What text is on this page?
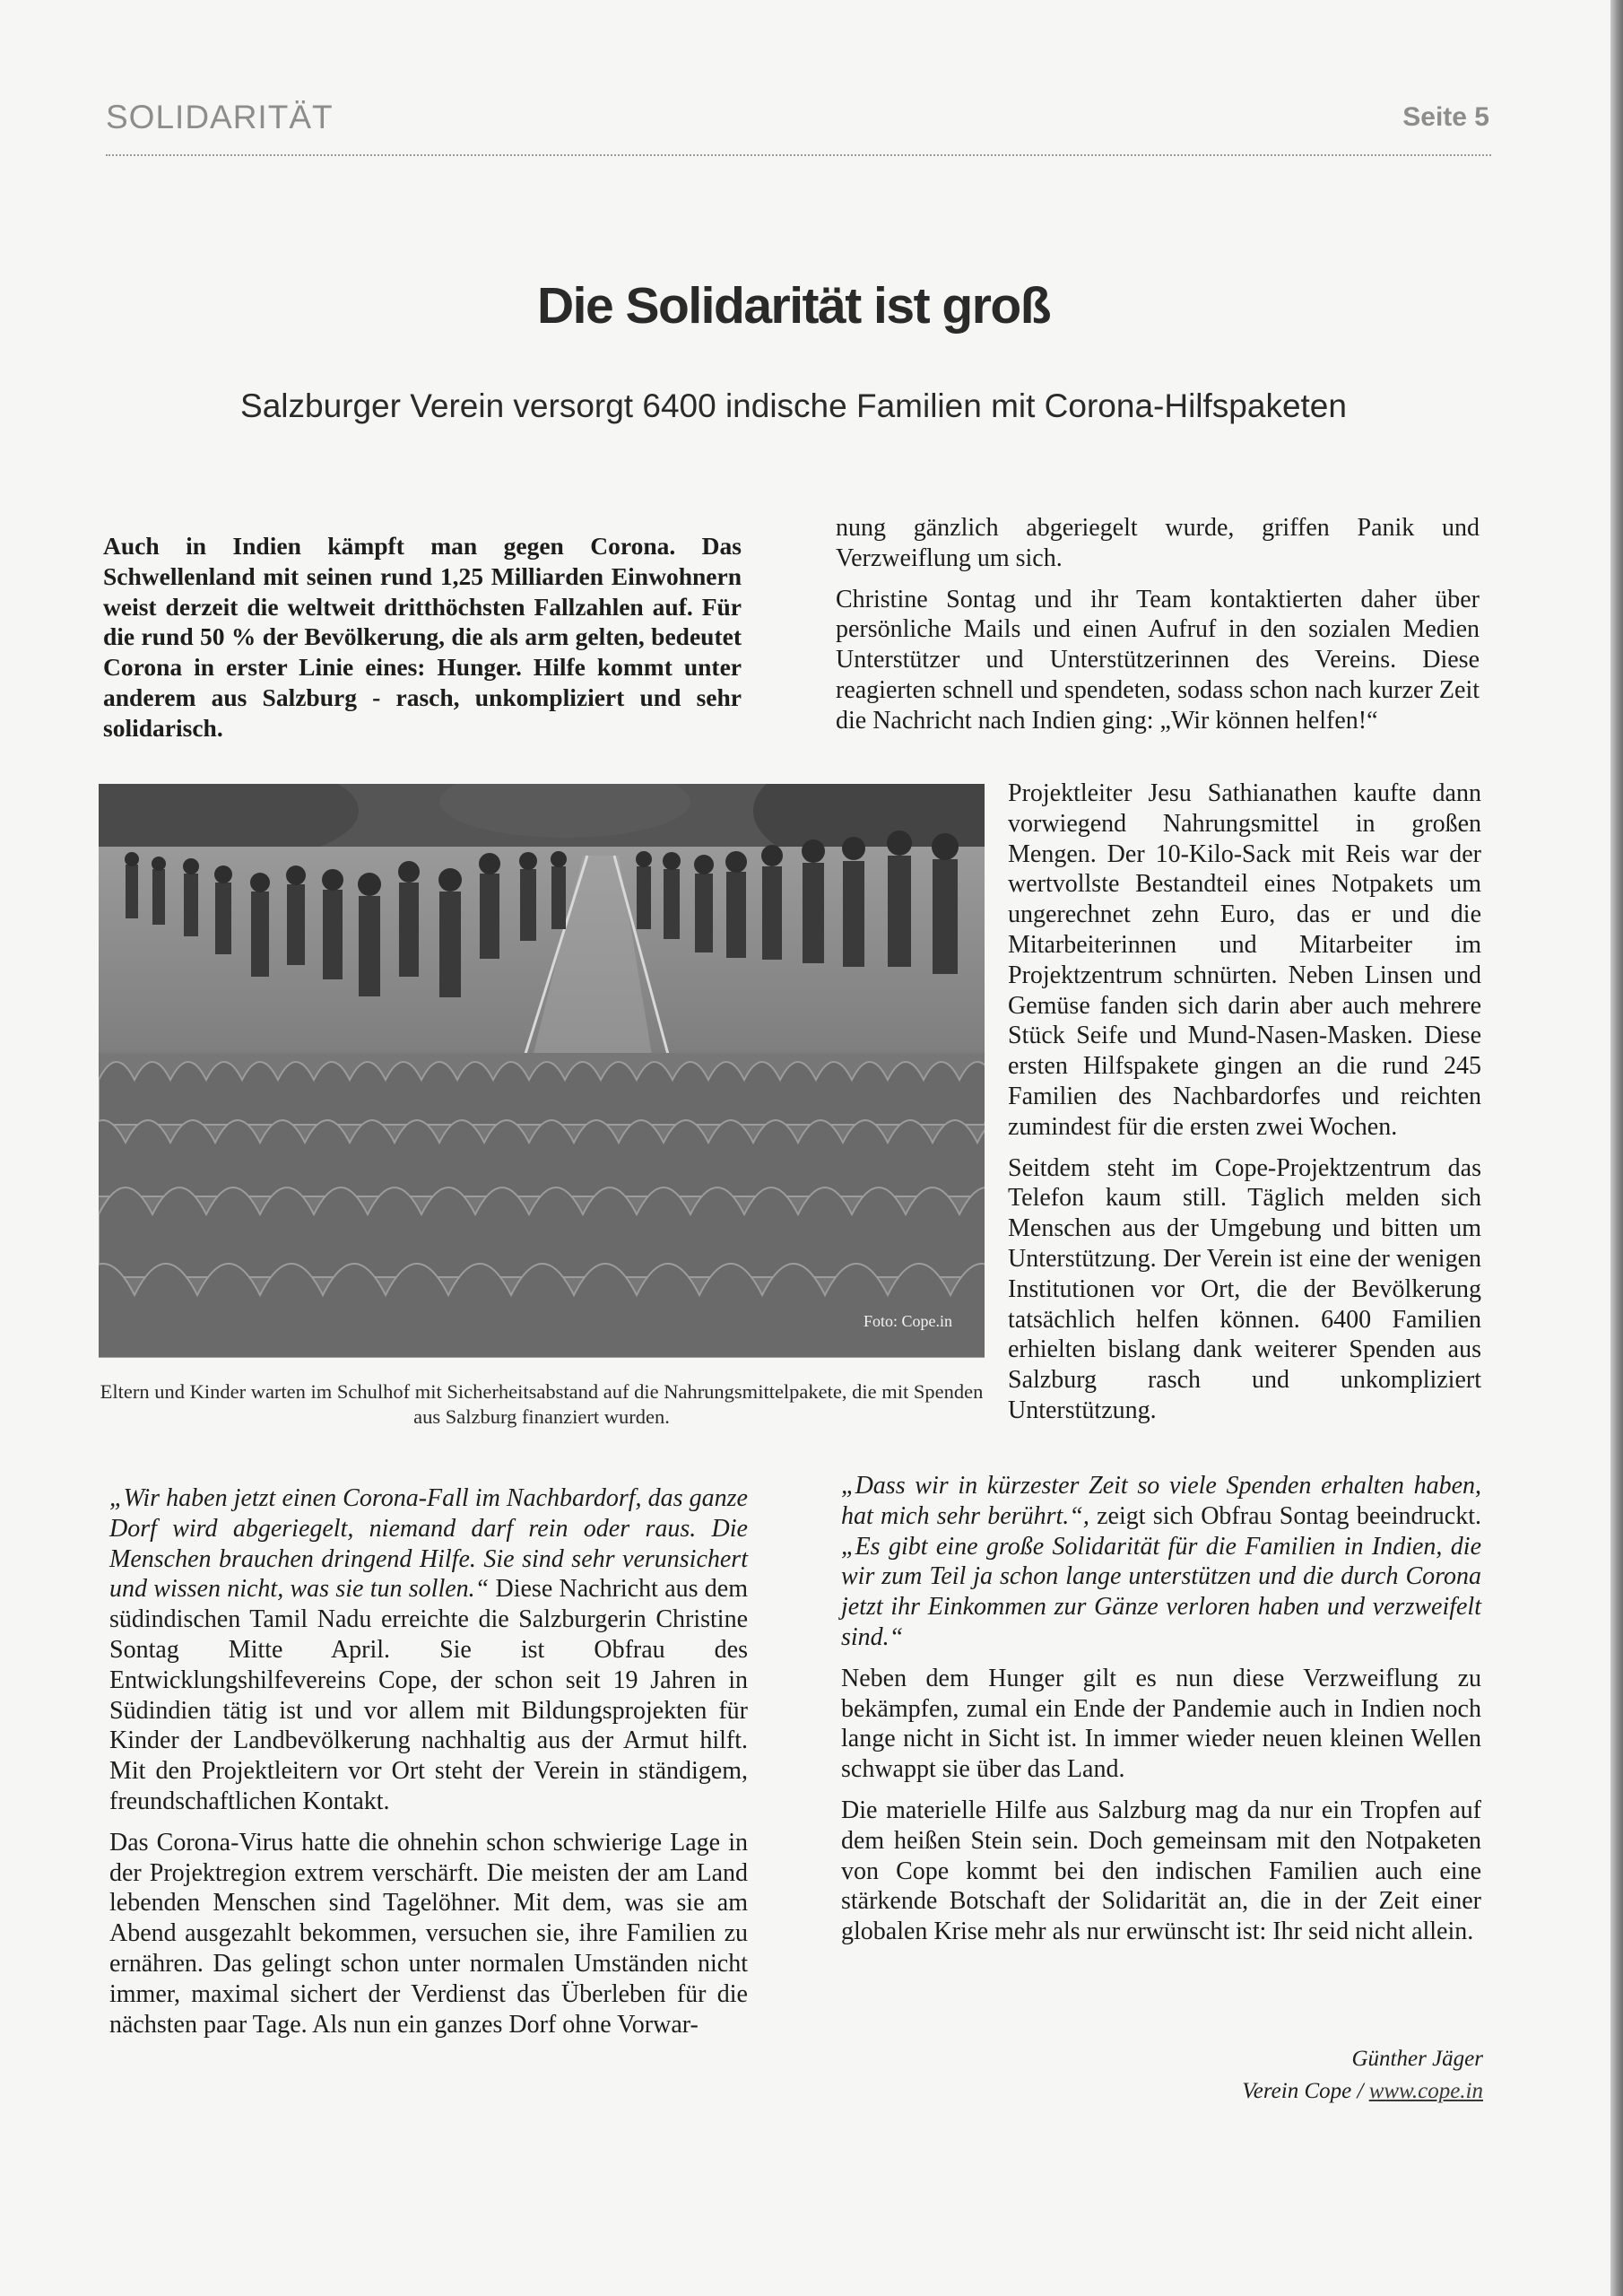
SOLIDARITÄT	Seite 5
Die Solidarität ist groß
Salzburger Verein versorgt 6400 indische Familien mit Corona-Hilfspaketen

Auch in Indien kämpft man gegen Corona. Das Schwellenland mit seinen rund 1,25 Milliarden Einwohnern weist derzeit die weltweit dritthöchsten Fallzahlen auf. Für die rund 50 % der Bevölkerung, die als arm gelten, bedeutet Corona in erster Linie eines: Hunger. Hilfe kommt unter anderem aus Salzburg - rasch, unkompliziert und sehr solidarisch.

nung gänzlich abgeriegelt wurde, griffen Panik und Verzweiflung um sich.

Christine Sontag und ihr Team kontaktierten daher über persönliche Mails und einen Aufruf in den sozialen Medien Unterstützer und Unterstützerinnen des Vereins. Diese reagierten schnell und spendeten, sodass schon nach kurzer Zeit die Nachricht nach Indien ging: „Wir können helfen!“

Foto: Cope.in

Eltern und Kinder warten im Schulhof mit Sicherheitsabstand auf die Nahrungsmittelpakete, die mit Spenden aus Salzburg finanziert wurden.

Projektleiter Jesu Sathianathen kaufte dann vorwiegend Nahrungsmittel in großen Mengen. Der 10-Kilo-Sack mit Reis war der wertvollste Bestandteil eines Notpakets um ungerechnet zehn Euro, das er und die Mitarbeiterinnen und Mitarbeiter im Projektzentrum schnürten. Neben Linsen und Gemüse fanden sich darin aber auch mehrere Stück Seife und Mund-Nasen-Masken. Diese ersten Hilfspakete gingen an die rund 245 Familien des Nachbardorfes und reichten zumindest für die ersten zwei Wochen.

Seitdem steht im Cope-Projektzentrum das Telefon kaum still. Täglich melden sich Menschen aus der Umgebung und bitten um Unterstützung. Der Verein ist eine der wenigen Institutionen vor Ort, die der Bevölkerung tatsächlich helfen können. 6400 Familien erhielten bislang dank weiterer Spenden aus Salzburg rasch und unkompliziert Unterstützung.

„Wir haben jetzt einen Corona-Fall im Nachbardorf, das ganze Dorf wird abgeriegelt, niemand darf rein oder raus. Die Menschen brauchen dringend Hilfe. Sie sind sehr verunsichert und wissen nicht, was sie tun sollen.“ Diese Nachricht aus dem südindischen Tamil Nadu erreichte die Salzburgerin Christine Sontag Mitte April. Sie ist Obfrau des Entwicklungshilfevereins Cope, der schon seit 19 Jahren in Südindien tätig ist und vor allem mit Bildungsprojekten für Kinder der Landbevölkerung nachhaltig aus der Armut hilft. Mit den Projektleitern vor Ort steht der Verein in ständigem, freundschaftlichen Kontakt.

Das Corona-Virus hatte die ohnehin schon schwierige Lage in der Projektregion extrem verschärft. Die meisten der am Land lebenden Menschen sind Tagelöhner. Mit dem, was sie am Abend ausgezahlt bekommen, versuchen sie, ihre Familien zu ernähren. Das gelingt schon unter normalen Umständen nicht immer, maximal sichert der Verdienst das Überleben für die nächsten paar Tage. Als nun ein ganzes Dorf ohne Vorwar-

„Dass wir in kürzester Zeit so viele Spenden erhalten haben, hat mich sehr berührt.“, zeigt sich Obfrau Sontag beeindruckt. „Es gibt eine große Solidarität für die Familien in Indien, die wir zum Teil ja schon lange unterstützen und die durch Corona jetzt ihr Einkommen zur Gänze verloren haben und verzweifelt sind.“

Neben dem Hunger gilt es nun diese Verzweiflung zu bekämpfen, zumal ein Ende der Pandemie auch in Indien noch lange nicht in Sicht ist. In immer wieder neuen kleinen Wellen schwappt sie über das Land.

Die materielle Hilfe aus Salzburg mag da nur ein Tropfen auf dem heißen Stein sein. Doch gemeinsam mit den Notpaketen von Cope kommt bei den indischen Familien auch eine stärkende Botschaft der Solidarität an, die in der Zeit einer globalen Krise mehr als nur erwünscht ist: Ihr seid nicht allein.

Günther Jäger
Verein Cope / www.cope.in
